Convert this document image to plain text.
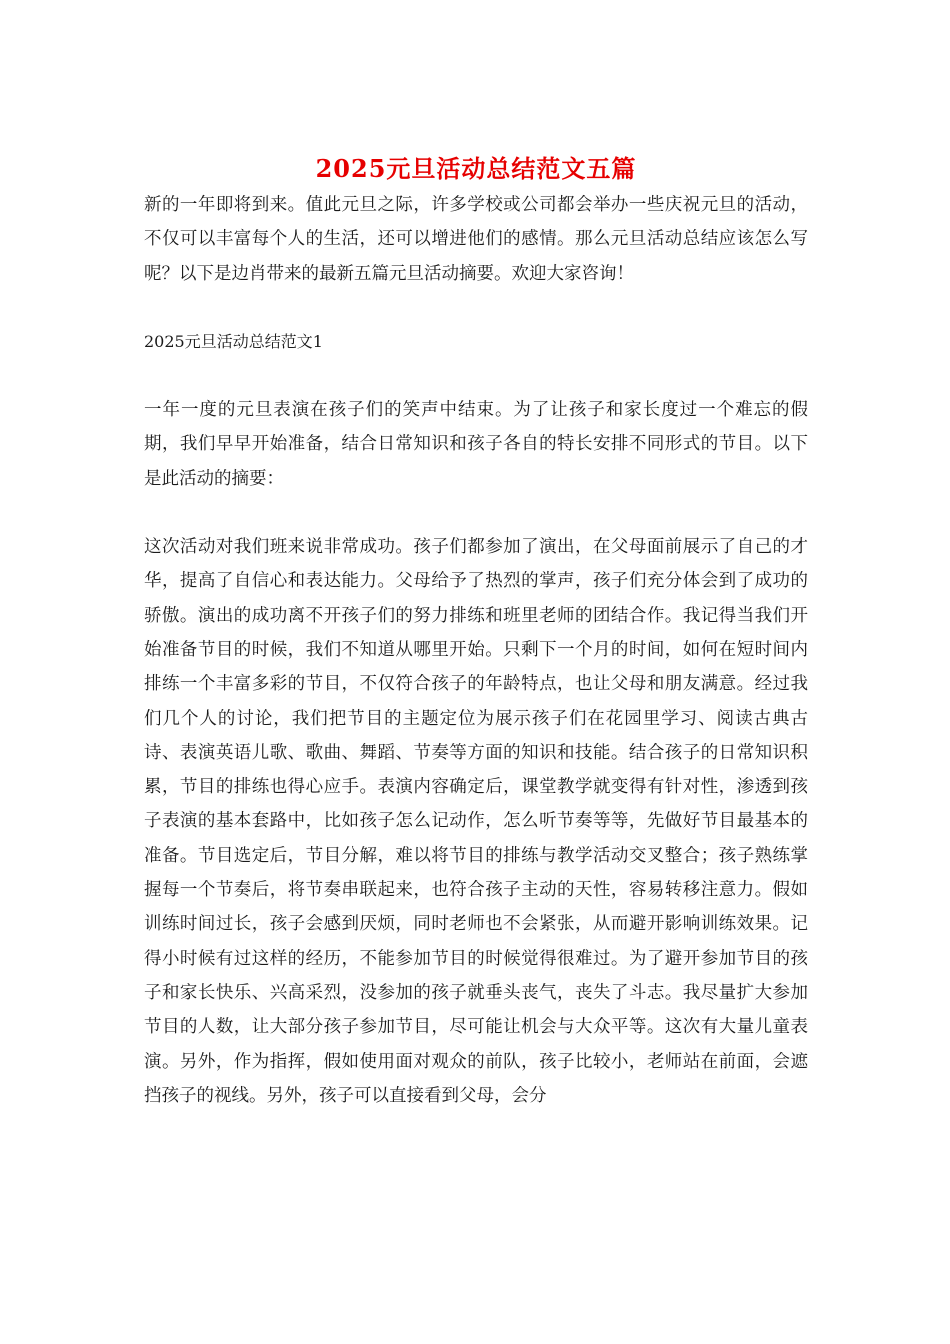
2025元旦活动总结范文五篇

新的一年即将到来。值此元旦之际，许多学校或公司都会举办一些庆祝元旦的活动，不仅可以丰富每个人的生活，还可以增进他们的感情。那么元旦活动总结应该怎么写呢？以下是边肖带来的最新五篇元旦活动摘要。欢迎大家咨询！

2025元旦活动总结范文1

一年一度的元旦表演在孩子们的笑声中结束。为了让孩子和家长度过一个难忘的假期，我们早早开始准备，结合日常知识和孩子各自的特长安排不同形式的节目。以下是此活动的摘要：

这次活动对我们班来说非常成功。孩子们都参加了演出，在父母面前展示了自己的才华，提高了自信心和表达能力。父母给予了热烈的掌声，孩子们充分体会到了成功的骄傲。演出的成功离不开孩子们的努力排练和班里老师的团结合作。我记得当我们开始准备节目的时候，我们不知道从哪里开始。只剩下一个月的时间，如何在短时间内排练一个丰富多彩的节目，不仅符合孩子的年龄特点，也让父母和朋友满意。经过我们几个人的讨论，我们把节目的主题定位为展示孩子们在花园里学习、阅读古典古诗、表演英语儿歌、歌曲、舞蹈、节奏等方面的知识和技能。结合孩子的日常知识积累，节目的排练也得心应手。表演内容确定后，课堂教学就变得有针对性，渗透到孩子表演的基本套路中，比如孩子怎么记动作，怎么听节奏等等，先做好节目最基本的准备。节目选定后，节目分解，难以将节目的排练与教学活动交叉整合；孩子熟练掌握每一个节奏后，将节奏串联起来，也符合孩子主动的天性，容易转移注意力。假如训练时间过长，孩子会感到厌烦，同时老师也不会紧张，从而避开影响训练效果。记得小时候有过这样的经历，不能参加节目的时候觉得很难过。为了避开参加节目的孩子和家长快乐、兴高采烈，没参加的孩子就垂头丧气，丧失了斗志。我尽量扩大参加节目的人数，让大部分孩子参加节目，尽可能让机会与大众平等。这次有大量儿童表演。另外，作为指挥，假如使用面对观众的前队，孩子比较小，老师站在前面，会遮挡孩子的视线。另外，孩子可以直接看到父母，会分
